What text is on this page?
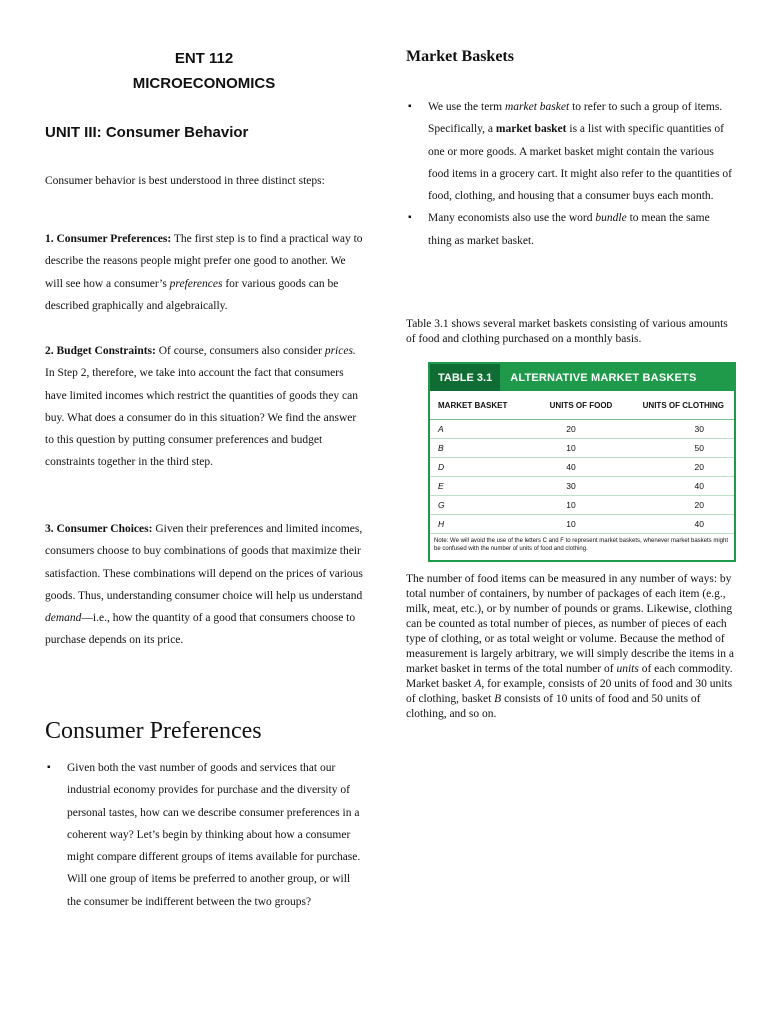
ENT 112
MICROECONOMICS
UNIT III: Consumer Behavior
Consumer behavior is best understood in three distinct steps:
1. Consumer Preferences: The first step is to find a practical way to describe the reasons people might prefer one good to another. We will see how a consumer’s preferences for various goods can be described graphically and algebraically.
2. Budget Constraints: Of course, consumers also consider prices. In Step 2, therefore, we take into account the fact that consumers have limited incomes which restrict the quantities of goods they can buy. What does a consumer do in this situation? We find the answer to this question by putting consumer preferences and budget constraints together in the third step.
3. Consumer Choices: Given their preferences and limited incomes, consumers choose to buy combinations of goods that maximize their satisfaction. These combinations will depend on the prices of various goods. Thus, understanding consumer choice will help us understand demand—i.e., how the quantity of a good that consumers choose to purchase depends on its price.
Consumer Preferences
▪ Given both the vast number of goods and services that our industrial economy provides for purchase and the diversity of personal tastes, how can we describe consumer preferences in a coherent way? Let’s begin by thinking about how a consumer might compare different groups of items available for purchase. Will one group of items be preferred to another group, or will the consumer be indifferent between the two groups?
Market Baskets
▪ We use the term market basket to refer to such a group of items. Specifically, a market basket is a list with specific quantities of one or more goods. A market basket might contain the various food items in a grocery cart. It might also refer to the quantities of food, clothing, and housing that a consumer buys each month.
▪ Many economists also use the word bundle to mean the same thing as market basket.
Table 3.1 shows several market baskets consisting of various amounts of food and clothing purchased on a monthly basis.
TABLE 3.1	ALTERNATIVE MARKET BASKETS
MARKET BASKET	UNITS OF FOOD	UNITS OF CLOTHING
A	20	30
B	10	50
D	40	20
E	30	40
G	10	20
H	10	40
Note: We will avoid the use of the letters C and F to represent market baskets, whenever market baskets might be confused with the number of units of food and clothing.
The number of food items can be measured in any number of ways: by total number of containers, by number of packages of each item (e.g., milk, meat, etc.), or by number of pounds or grams. Likewise, clothing can be counted as total number of pieces, as number of pieces of each type of clothing, or as total weight or volume. Because the method of measurement is largely arbitrary, we will simply describe the items in a market basket in terms of the total number of units of each commodity. Market basket A, for example, consists of 20 units of food and 30 units of clothing, basket B consists of 10 units of food and 50 units of clothing, and so on.
